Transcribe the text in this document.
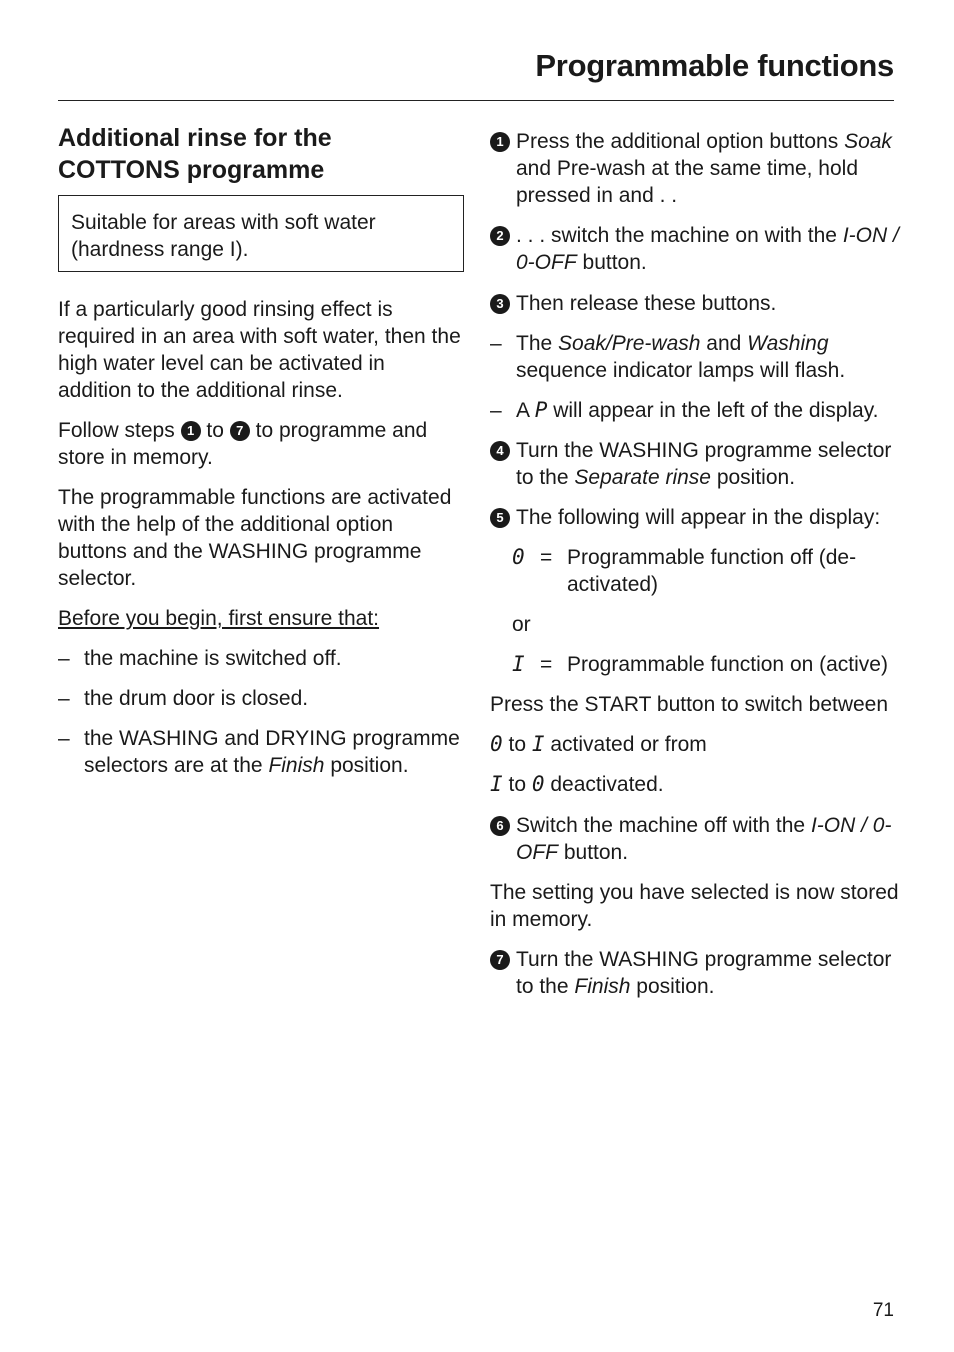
Programmable functions
Additional rinse for the
COTTONS programme
Suitable for areas with soft water (hardness range I).

If a particularly good rinsing effect is required in an area with soft water, then the high water level can be activated in addition to the additional rinse.

Follow steps 1 to 7 to programme and store in memory.

The programmable functions are activated with the help of the additional option buttons and the WASHING programme selector.

Before you begin, first ensure that:

– the machine is switched off.
– the drum door is closed.
– the WASHING and DRYING programme selectors are at the Finish position.
1 Press the additional option buttons Soak and Pre-wash at the same time, hold pressed in and . .
2 . . . switch the machine on with the I-ON / 0-OFF button.
3 Then release these buttons.
– The Soak/Pre-wash and Washing sequence indicator lamps will flash.
– A P will appear in the left of the display.
4 Turn the WASHING programme selector to the Separate rinse position.
5 The following will appear in the display:
0 = Programmable function off (de-activated)
or
I = Programmable function on (active)

Press the START button to switch between

0 to I activated or from

I to 0 deactivated.

6 Switch the machine off with the I-ON / 0-OFF button.

The setting you have selected is now stored in memory.

7 Turn the WASHING programme selector to the Finish position.
71
